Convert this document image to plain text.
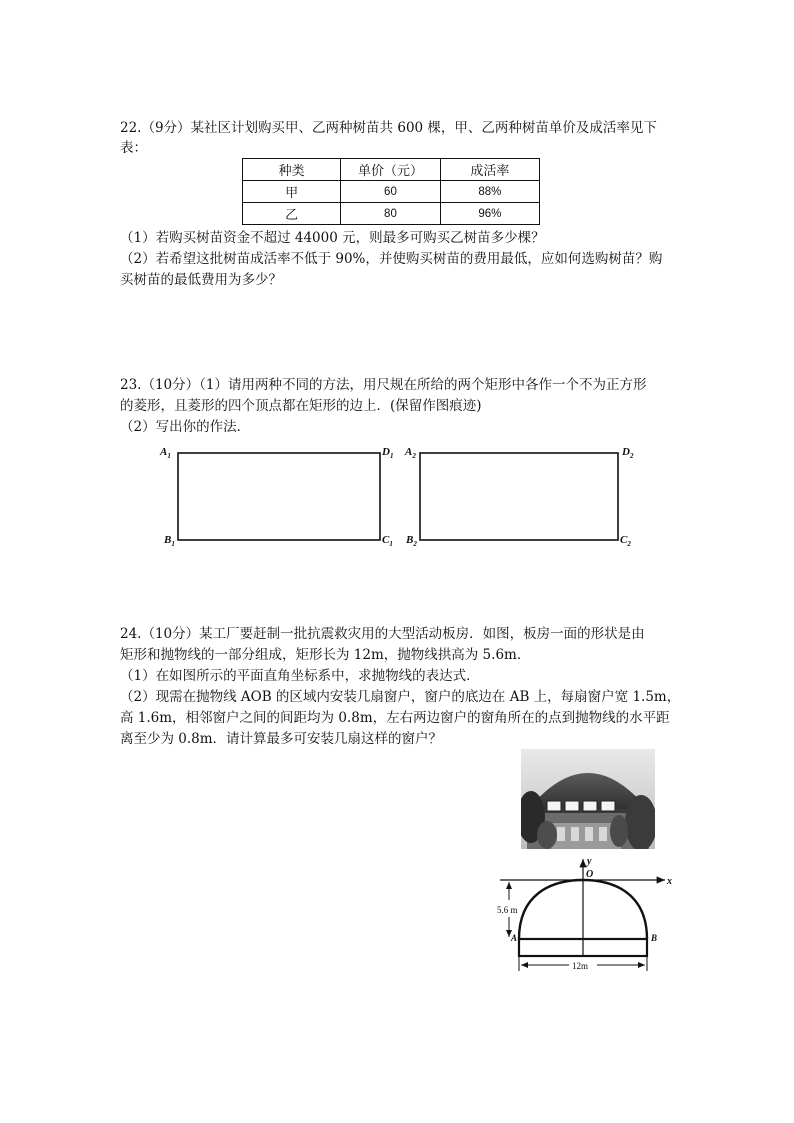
22.（9分）某社区计划购买甲、乙两种树苗共 600 棵，甲、乙两种树苗单价及成活率见下
表：
种类	单价（元）	成活率
甲	60	88%
乙	80	96%
（1）若购买树苗资金不超过 44000 元，则最多可购买乙树苗多少棵？
（2）若希望这批树苗成活率不低于 90%，并使购买树苗的费用最低，应如何选购树苗？购
买树苗的最低费用为多少？
23.（10分）（1）请用两种不同的方法，用尺规在所给的两个矩形中各作一个不为正方形
的菱形，且菱形的四个顶点都在矩形的边上．(保留作图痕迹)
（2）写出你的作法．
$A_1$	$D_1$
$B_1$	$C_1$
$A_2$	$D_2$
$B_2$	$C_2$
24.（10分）某工厂要赶制一批抗震救灾用的大型活动板房．如图，板房一面的形状是由
矩形和抛物线的一部分组成，矩形长为 12m，抛物线拱高为 5.6m．
（1）在如图所示的平面直角坐标系中，求抛物线的表达式．
（2）现需在抛物线 AOB 的区域内安装几扇窗户，窗户的底边在 AB 上，每扇窗户宽 1.5m，
高 1.6m，相邻窗户之间的间距均为 0.8m，左右两边窗户的窗角所在的点到抛物线的水平距
离至少为 0.8m．请计算最多可安装几扇这样的窗户？
y
x
O
A	B
5.6 m
12m
